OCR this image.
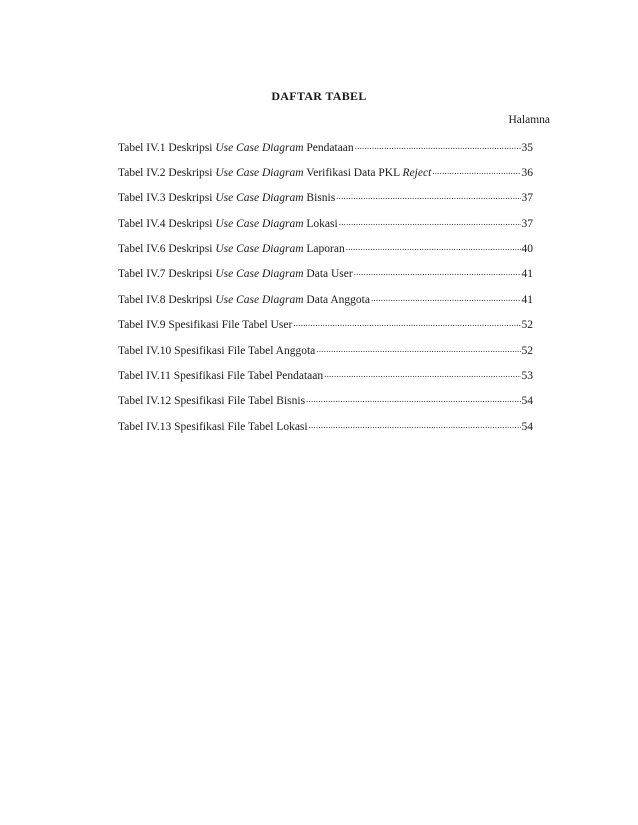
DAFTAR TABEL
Halamna
Tabel IV.1 Deskripsi Use Case Diagram Pendataan .....	35
Tabel IV.2 Deskripsi Use Case Diagram Verifikasi Data PKL Reject .....	36
Tabel IV.3 Deskripsi Use Case Diagram Bisnis .....	37
Tabel IV.4 Deskripsi Use Case Diagram Lokasi .....	37
Tabel IV.6 Deskripsi Use Case Diagram Laporan .....	40
Tabel IV.7 Deskripsi Use Case Diagram Data User .....	41
Tabel IV.8 Deskripsi Use Case Diagram Data Anggota .....	41
Tabel IV.9 Spesifikasi File Tabel User .....	52
Tabel IV.10 Spesifikasi File Tabel Anggota .....	52
Tabel IV.11 Spesifikasi File Tabel Pendataan .....	53
Tabel IV.12 Spesifikasi File Tabel Bisnis .....	54
Tabel IV.13 Spesifikasi File Tabel Lokasi .....	54
